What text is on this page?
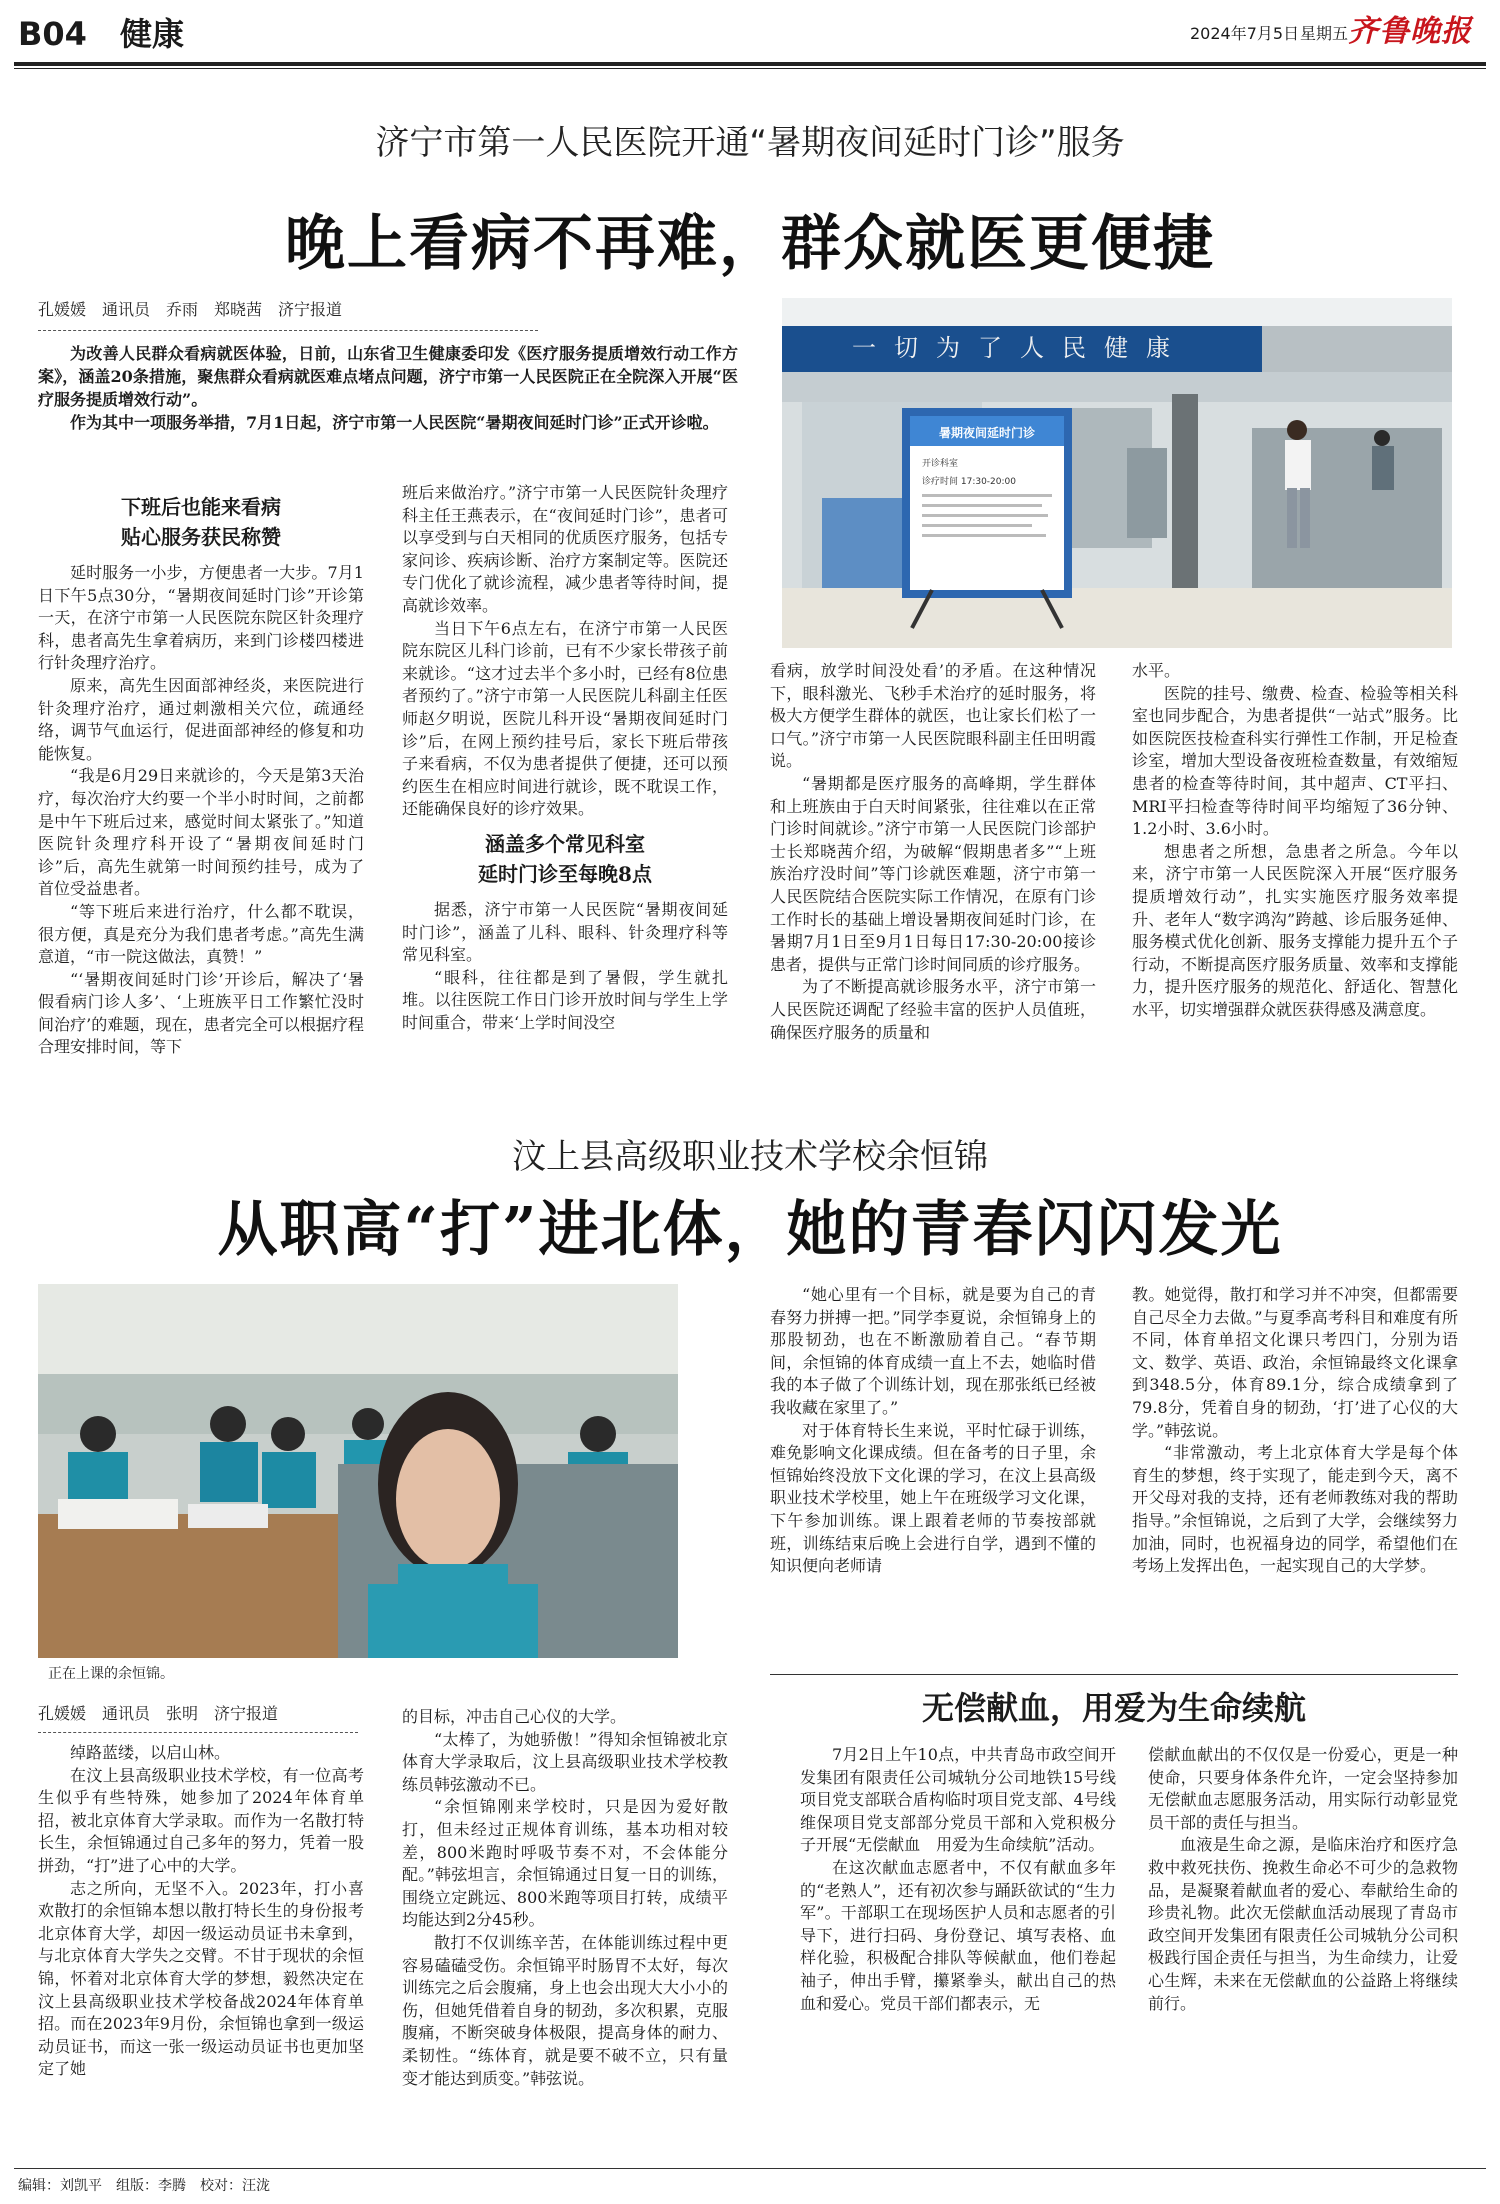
B04 健康	2024年7月5日 星期五 齐鲁晚报
济宁市第一人民医院开通“暑期夜间延时门诊”服务
晚上看病不再难，群众就医更便捷
孔媛媛　通讯员　乔雨　郑晓茜　济宁报道

为改善人民群众看病就医体验，日前，山东省卫生健康委印发《医疗服务提质增效行动工作方案》，涵盖20条措施，聚焦群众看病就医难点堵点问题，济宁市第一人民医院正在全院深入开展“医疗服务提质增效行动”。

作为其中一项服务举措，7月1日起，济宁市第一人民医院“暑期夜间延时门诊”正式开诊啦。

一切为了人民健康
暑期夜间延时门诊
开诊科室
诊疗时间 17:30-20:00
下班后也能来看病
贴心服务获民称赞

延时服务一小步，方便患者一大步。7月1日下午5点30分，“暑期夜间延时门诊”开诊第一天，在济宁市第一人民医院东院区针灸理疗科，患者高先生拿着病历，来到门诊楼四楼进行针灸理疗治疗。

原来，高先生因面部神经炎，来医院进行针灸理疗治疗，通过刺激相关穴位，疏通经络，调节气血运行，促进面部神经的修复和功能恢复。

“我是6月29日来就诊的，今天是第3天治疗，每次治疗大约要一个半小时时间，之前都是中午下班后过来，感觉时间太紧张了。”知道医院针灸理疗科开设了“暑期夜间延时门诊”后，高先生就第一时间预约挂号，成为了首位受益患者。

“等下班后来进行治疗，什么都不耽误，很方便，真是充分为我们患者考虑。”高先生满意道，“市一院这做法，真赞！”

“‘暑期夜间延时门诊’开诊后，解决了‘暑假看病门诊人多’、‘上班族平日工作繁忙没时间治疗’的难题，现在，患者完全可以根据疗程合理安排时间，等下

班后来做治疗。”济宁市第一人民医院针灸理疗科主任王燕表示，在“夜间延时门诊”，患者可以享受到与白天相同的优质医疗服务，包括专家问诊、疾病诊断、治疗方案制定等。医院还专门优化了就诊流程，减少患者等待时间，提高就诊效率。

当日下午6点左右，在济宁市第一人民医院东院区儿科门诊前，已有不少家长带孩子前来就诊。“这才过去半个多小时，已经有8位患者预约了。”济宁市第一人民医院儿科副主任医师赵夕明说，医院儿科开设“暑期夜间延时门诊”后，在网上预约挂号后，家长下班后带孩子来看病，不仅为患者提供了便捷，还可以预约医生在相应时间进行就诊，既不耽误工作，还能确保良好的诊疗效果。

涵盖多个常见科室
延时门诊至每晚8点

据悉，济宁市第一人民医院“暑期夜间延时门诊”，涵盖了儿科、眼科、针灸理疗科等常见科室。

“眼科，往往都是到了暑假，学生就扎堆。以往医院工作日门诊开放时间与学生上学时间重合，带来‘上学时间没空

看病，放学时间没处看’的矛盾。在这种情况下，眼科激光、飞秒手术治疗的延时服务，将极大方便学生群体的就医，也让家长们松了一口气。”济宁市第一人民医院眼科副主任田明霞说。

“暑期都是医疗服务的高峰期，学生群体和上班族由于白天时间紧张，往往难以在正常门诊时间就诊。”济宁市第一人民医院门诊部护士长郑晓茜介绍，为破解“假期患者多”“上班族治疗没时间”等门诊就医难题，济宁市第一人民医院结合医院实际工作情况，在原有门诊工作时长的基础上增设暑期夜间延时门诊，在暑期7月1日至9月1日每日17:30-20:00接诊患者，提供与正常门诊时间同质的诊疗服务。

为了不断提高就诊服务水平，济宁市第一人民医院还调配了经验丰富的医护人员值班，确保医疗服务的质量和

水平。

医院的挂号、缴费、检查、检验等相关科室也同步配合，为患者提供“一站式”服务。比如医院医技检查科实行弹性工作制，开足检查诊室，增加大型设备夜班检查数量，有效缩短患者的检查等待时间，其中超声、CT平扫、MRI平扫检查等待时间平均缩短了36分钟、1.2小时、3.6小时。

想患者之所想，急患者之所急。今年以来，济宁市第一人民医院深入开展“医疗服务提质增效行动”，扎实实施医疗服务效率提升、老年人“数字鸿沟”跨越、诊后服务延伸、服务模式优化创新、服务支撑能力提升五个子行动，不断提高医疗服务质量、效率和支撑能力，提升医疗服务的规范化、舒适化、智慧化水平，切实增强群众就医获得感及满意度。

汶上县高级职业技术学校余恒锦
从职高“打”进北体，她的青春闪闪发光
正在上课的余恒锦。

“她心里有一个目标，就是要为自己的青春努力拼搏一把。”同学李夏说，余恒锦身上的那股韧劲，也在不断激励着自己。“春节期间，余恒锦的体育成绩一直上不去，她临时借我的本子做了个训练计划，现在那张纸已经被我收藏在家里了。”

对于体育特长生来说，平时忙碌于训练，难免影响文化课成绩。但在备考的日子里，余恒锦始终没放下文化课的学习，在汶上县高级职业技术学校里，她上午在班级学习文化课，下午参加训练。课上跟着老师的节奏按部就班，训练结束后晚上会进行自学，遇到不懂的知识便向老师请

教。她觉得，散打和学习并不冲突，但都需要自己尽全力去做。”与夏季高考科目和难度有所不同，体育单招文化课只考四门，分别为语文、数学、英语、政治，余恒锦最终文化课拿到348.5分，体育89.1分，综合成绩拿到了79.8分，凭着自身的韧劲，‘打’进了心仪的大学。”韩弦说。

“非常激动，考上北京体育大学是每个体育生的梦想，终于实现了，能走到今天，离不开父母对我的支持，还有老师教练对我的帮助指导。”余恒锦说，之后到了大学，会继续努力加油，同时，也祝福身边的同学，希望他们在考场上发挥出色，一起实现自己的大学梦。

孔媛媛　通讯员　张明　济宁报道

绰路蓝缕，以启山林。

在汶上县高级职业技术学校，有一位高考生似乎有些特殊，她参加了2024年体育单招，被北京体育大学录取。而作为一名散打特长生，余恒锦通过自己多年的努力，凭着一股拼劲，“打”进了心中的大学。

志之所向，无坚不入。2023年，打小喜欢散打的余恒锦本想以散打特长生的身份报考北京体育大学，却因一级运动员证书未拿到，与北京体育大学失之交臂。不甘于现状的余恒锦，怀着对北京体育大学的梦想，毅然决定在汶上县高级职业技术学校备战2024年体育单招。而在2023年9月份，余恒锦也拿到一级运动员证书，而这一张一级运动员证书也更加坚定了她

的目标，冲击自己心仪的大学。

“太棒了，为她骄傲！”得知余恒锦被北京体育大学录取后，汶上县高级职业技术学校教练员韩弦激动不已。

“余恒锦刚来学校时，只是因为爱好散打，但未经过正规体育训练，基本功相对较差，800米跑时呼吸节奏不对，不会体能分配。”韩弦坦言，余恒锦通过日复一日的训练，围绕立定跳远、800米跑等项目打转，成绩平均能达到2分45秒。

散打不仅训练辛苦，在体能训练过程中更容易磕磕受伤。余恒锦平时肠胃不太好，每次训练完之后会腹痛，身上也会出现大大小小的伤，但她凭借着自身的韧劲，多次积累，克服腹痛，不断突破身体极限，提高身体的耐力、柔韧性。“练体育，就是要不破不立，只有量变才能达到质变。”韩弦说。

无偿献血，用爱为生命续航

7月2日上午10点，中共青岛市政空间开发集团有限责任公司城轨分公司地铁15号线项目党支部联合盾构临时项目党支部、4号线维保项目党支部部分党员干部和入党积极分子开展“无偿献血　用爱为生命续航”活动。

在这次献血志愿者中，不仅有献血多年的“老熟人”，还有初次参与踊跃欲试的“生力军”。干部职工在现场医护人员和志愿者的引导下，进行扫码、身份登记、填写表格、血样化验，积极配合排队等候献血，他们卷起袖子，伸出手臂，攥紧拳头，献出自己的热血和爱心。党员干部们都表示，无

偿献血献出的不仅仅是一份爱心，更是一种使命，只要身体条件允许，一定会坚持参加无偿献血志愿服务活动，用实际行动彰显党员干部的责任与担当。

血液是生命之源，是临床治疗和医疗急救中救死扶伤、挽救生命必不可少的急救物品，是凝聚着献血者的爱心、奉献给生命的珍贵礼物。此次无偿献血活动展现了青岛市政空间开发集团有限责任公司城轨分公司积极践行国企责任与担当，为生命续力，让爱心生辉，未来在无偿献血的公益路上将继续前行。

编辑：刘凯平　组版：李腾　校对：汪泷
